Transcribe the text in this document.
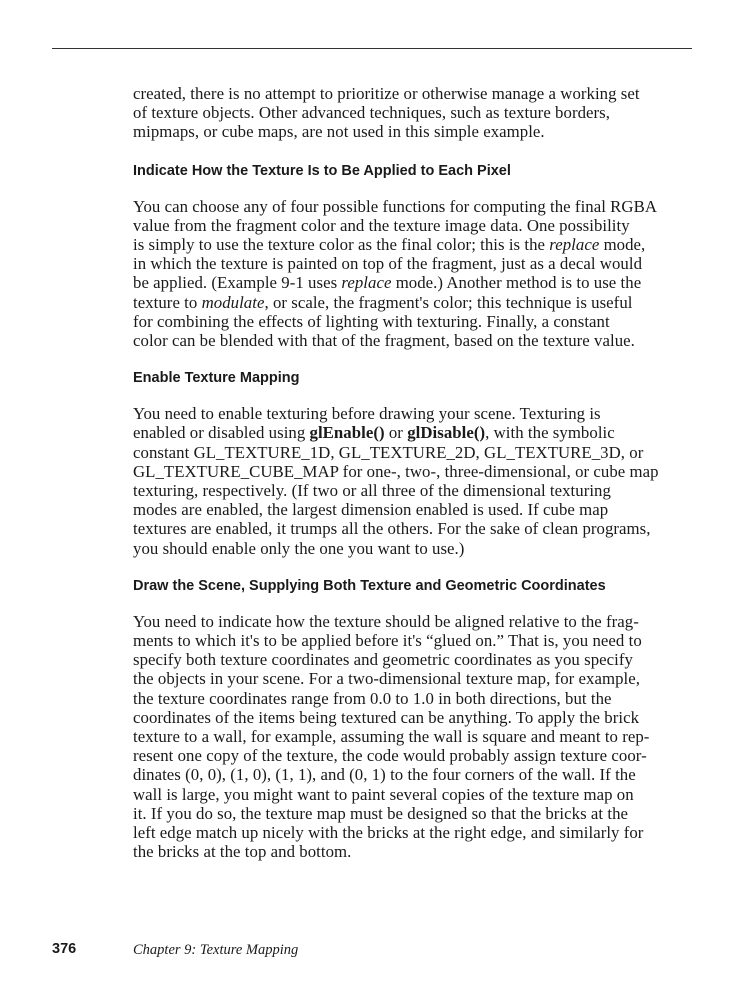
created, there is no attempt to prioritize or otherwise manage a working set
of texture objects. Other advanced techniques, such as texture borders,
mipmaps, or cube maps, are not used in this simple example.

Indicate How the Texture Is to Be Applied to Each Pixel

You can choose any of four possible functions for computing the final RGBA
value from the fragment color and the texture image data. One possibility
is simply to use the texture color as the final color; this is the replace mode,
in which the texture is painted on top of the fragment, just as a decal would
be applied. (Example 9-1 uses replace mode.) Another method is to use the
texture to modulate, or scale, the fragment's color; this technique is useful
for combining the effects of lighting with texturing. Finally, a constant
color can be blended with that of the fragment, based on the texture value.

Enable Texture Mapping

You need to enable texturing before drawing your scene. Texturing is
enabled or disabled using glEnable() or glDisable(), with the symbolic
constant GL_TEXTURE_1D, GL_TEXTURE_2D, GL_TEXTURE_3D, or
GL_TEXTURE_CUBE_MAP for one-, two-, three-dimensional, or cube map
texturing, respectively. (If two or all three of the dimensional texturing
modes are enabled, the largest dimension enabled is used. If cube map
textures are enabled, it trumps all the others. For the sake of clean programs,
you should enable only the one you want to use.)

Draw the Scene, Supplying Both Texture and Geometric Coordinates

You need to indicate how the texture should be aligned relative to the frag-
ments to which it's to be applied before it's “glued on.” That is, you need to
specify both texture coordinates and geometric coordinates as you specify
the objects in your scene. For a two-dimensional texture map, for example,
the texture coordinates range from 0.0 to 1.0 in both directions, but the
coordinates of the items being textured can be anything. To apply the brick
texture to a wall, for example, assuming the wall is square and meant to rep-
resent one copy of the texture, the code would probably assign texture coor-
dinates (0, 0), (1, 0), (1, 1), and (0, 1) to the four corners of the wall. If the
wall is large, you might want to paint several copies of the texture map on
it. If you do so, the texture map must be designed so that the bricks at the
left edge match up nicely with the bricks at the right edge, and similarly for
the bricks at the top and bottom.

376	Chapter 9: Texture Mapping
